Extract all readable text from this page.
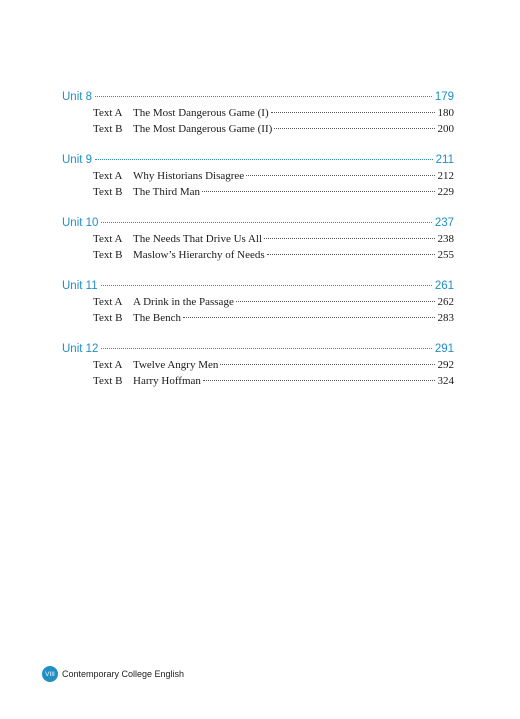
Unit 8	179
Text A The Most Dangerous Game (I)	180
Text B The Most Dangerous Game (II)	200
Unit 9	211
Text A Why Historians Disagree	212
Text B The Third Man	229
Unit 10	237
Text A The Needs That Drive Us All	238
Text B Maslow’s Hierarchy of Needs	255
Unit 11	261
Text A A Drink in the Passage	262
Text B The Bench	283
Unit 12	291
Text A Twelve Angry Men	292
Text B Harry Hoffman	324
VIII Contemporary College English
